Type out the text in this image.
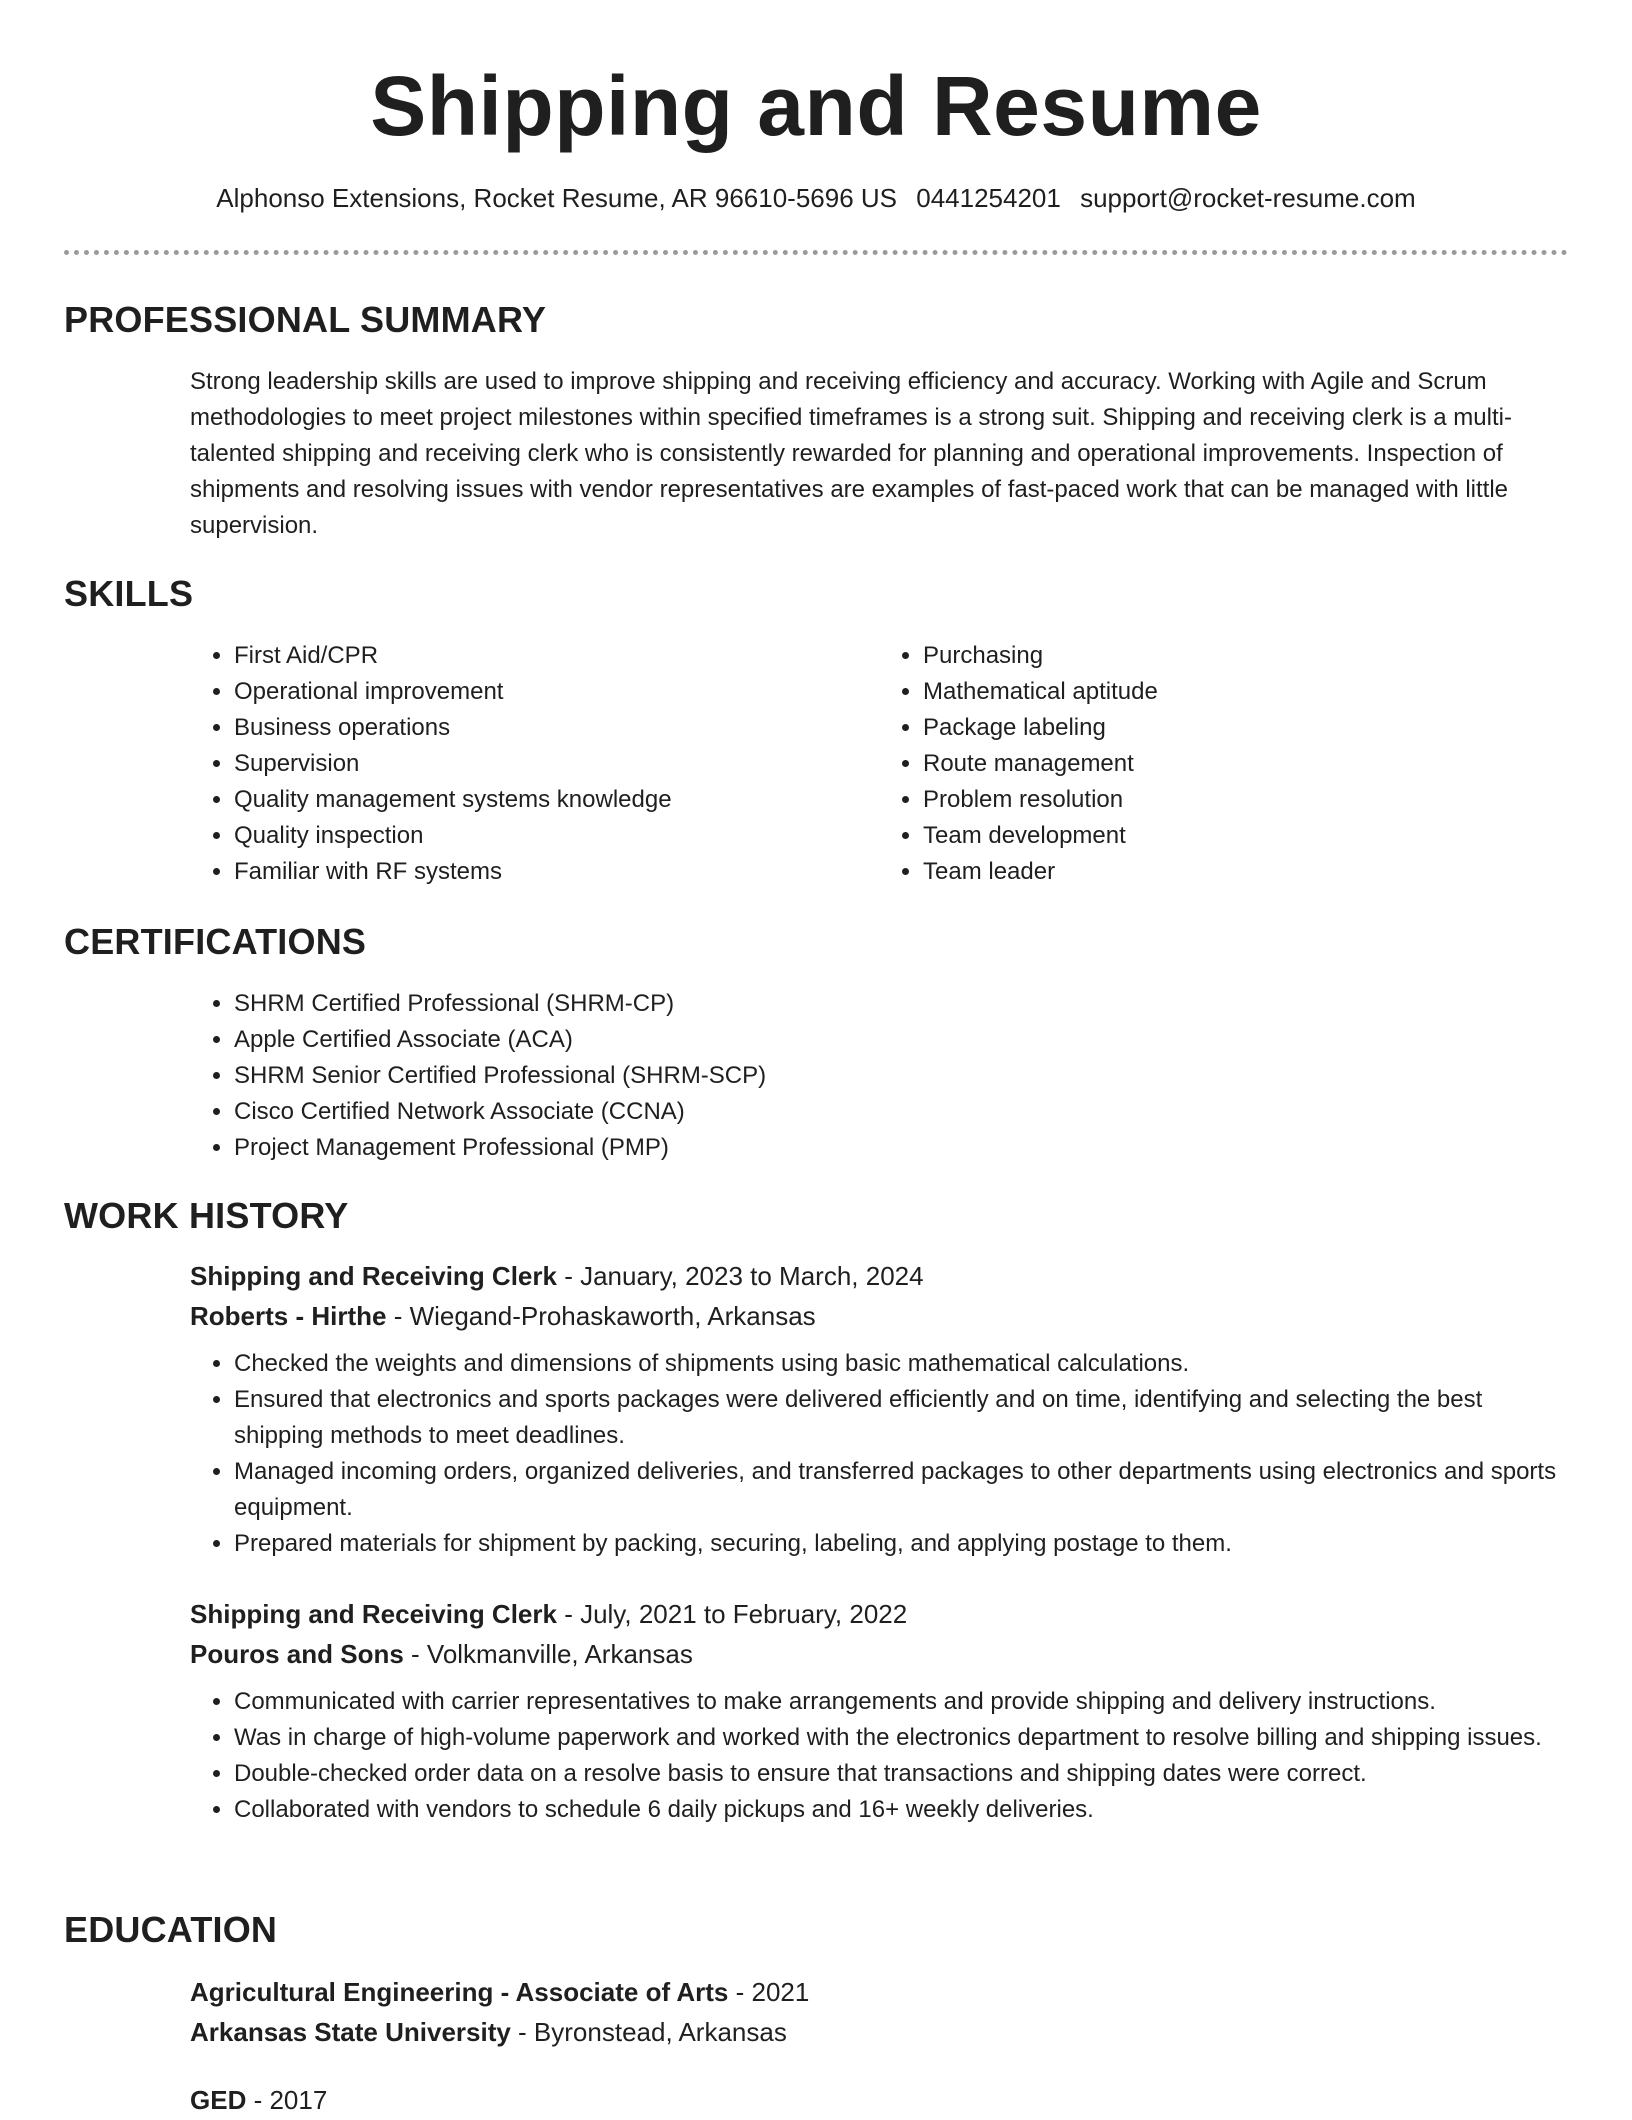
Shipping and Resume
Alphonso Extensions, Rocket Resume, AR 96610-5696 US 0441254201 support@rocket-resume.com
PROFESSIONAL SUMMARY
Strong leadership skills are used to improve shipping and receiving efficiency and accuracy. Working with Agile and Scrum methodologies to meet project milestones within specified timeframes is a strong suit. Shipping and receiving clerk is a multi-talented shipping and receiving clerk who is consistently rewarded for planning and operational improvements. Inspection of shipments and resolving issues with vendor representatives are examples of fast-paced work that can be managed with little supervision.
SKILLS
• First Aid/CPR
• Operational improvement
• Business operations
• Supervision
• Quality management systems knowledge
• Quality inspection
• Familiar with RF systems
• Purchasing
• Mathematical aptitude
• Package labeling
• Route management
• Problem resolution
• Team development
• Team leader
CERTIFICATIONS
• SHRM Certified Professional (SHRM-CP)
• Apple Certified Associate (ACA)
• SHRM Senior Certified Professional (SHRM-SCP)
• Cisco Certified Network Associate (CCNA)
• Project Management Professional (PMP)
WORK HISTORY
Shipping and Receiving Clerk - January, 2023 to March, 2024
Roberts - Hirthe - Wiegand-Prohaskaworth, Arkansas
• Checked the weights and dimensions of shipments using basic mathematical calculations.
• Ensured that electronics and sports packages were delivered efficiently and on time, identifying and selecting the best shipping methods to meet deadlines.
• Managed incoming orders, organized deliveries, and transferred packages to other departments using electronics and sports equipment.
• Prepared materials for shipment by packing, securing, labeling, and applying postage to them.
Shipping and Receiving Clerk - July, 2021 to February, 2022
Pouros and Sons - Volkmanville, Arkansas
• Communicated with carrier representatives to make arrangements and provide shipping and delivery instructions.
• Was in charge of high-volume paperwork and worked with the electronics department to resolve billing and shipping issues.
• Double-checked order data on a resolve basis to ensure that transactions and shipping dates were correct.
• Collaborated with vendors to schedule 6 daily pickups and 16+ weekly deliveries.
EDUCATION
Agricultural Engineering - Associate of Arts - 2021
Arkansas State University - Byronstead, Arkansas
GED - 2017
